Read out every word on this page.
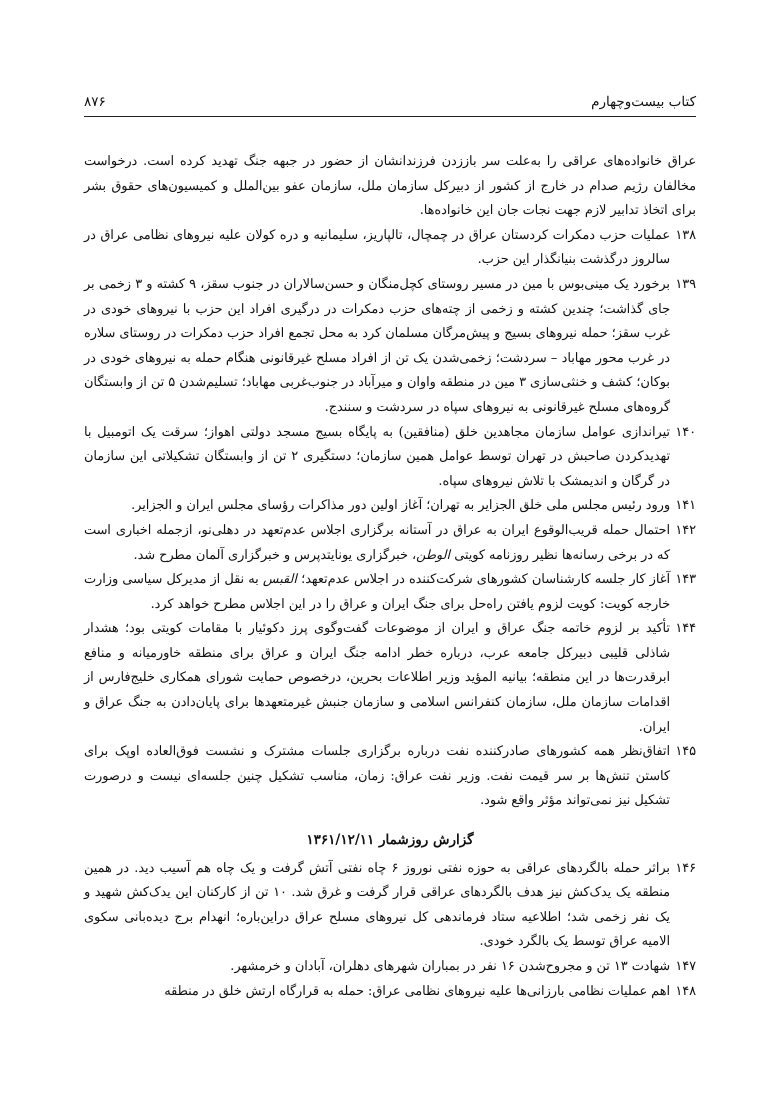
کتاب بیست‌وچهارم
۸۷۶

عراق خانواده‌های عراقی را به‌علت سر باززدن فرزندانشان از حضور در جبهه جنگ تهدید کرده است. درخواست مخالفان رژیم صدام در خارج از کشور از دبیرکل سازمان ملل، سازمان عفو بین‌الملل و کمیسیون‌های حقوق بشر برای اتخاذ تدابیر لازم جهت نجات جان این خانواده‌ها.

۱۳۸
عملیات حزب دمکرات کردستان عراق در چمچال، تالپاریز، سلیمانیه و دره کولان علیه نیروهای نظامی عراق در سالروز درگذشت بنیانگذار این حزب.
۱۳۹
برخورد یک مینی‌بوس با مین در مسیر روستای کچل‌منگان و حسن‌سالاران در جنوب سقز، ۹ کشته و ۳ زخمی بر جای گذاشت؛ چندین کشته و زخمی از چته‌های حزب دمکرات در درگیری افراد این حزب با نیروهای خودی در غرب سقز؛ حمله نیروهای بسیج و پیش‌مرگان مسلمان کرد به محل تجمع افراد حزب دمکرات در روستای سلاره در غرب محور مهاباد – سردشت؛ زخمی‌شدن یک تن از افراد مسلح غیرقانونی هنگام حمله به نیروهای خودی در بوکان؛ کشف و خنثی‌سازی ۳ مین در منطقه واوان و میرآباد در جنوب‌غربی مهاباد؛ تسلیم‌شدن ۵ تن از وابستگان گروه‌های مسلح غیرقانونی به نیروهای سپاه در سردشت و سنندج.
۱۴۰
تیراندازی عوامل سازمان مجاهدین خلق (منافقین) به پایگاه بسیج مسجد دولتی اهواز؛ سرقت یک اتومبیل با تهدیدکردن صاحبش در تهران توسط عوامل همین سازمان؛ دستگیری ۲ تن از وابستگان تشکیلاتی این سازمان در گرگان و اندیمشک با تلاش نیروهای سپاه.
۱۴۱
ورود رئیس مجلس ملی خلق الجزایر به تهران؛ آغاز اولین دور مذاکرات رؤسای مجلس ایران و الجزایر.
۱۴۲
احتمال حمله قریب‌الوقوع ایران به عراق در آستانه برگزاری اجلاس عدم‌تعهد در دهلی‌نو، ازجمله اخباری است که در برخی رسانه‌ها نظیر روزنامه کویتی الوطن، خبرگزاری یونایتدپرس و خبرگزاری آلمان مطرح شد.
۱۴۳
آغاز کار جلسه کارشناسان کشورهای شرکت‌کننده در اجلاس عدم‌تعهد؛ القبس به نقل از مدیرکل سیاسی وزارت خارجه کویت: کویت لزوم یافتن راه‌حل برای جنگ ایران و عراق را در این اجلاس مطرح خواهد کرد.
۱۴۴
تأکید بر لزوم خاتمه جنگ عراق و ایران از موضوعات گفت‌وگوی پرز دکوئیار با مقامات کویتی بود؛ هشدار شاذلی قلیبی دبیرکل جامعه عرب، درباره خطر ادامه جنگ ایران و عراق برای منطقه خاورمیانه و منافع ابرقدرت‌ها در این منطقه؛ بیانیه المؤید وزیر اطلاعات بحرین، درخصوص حمایت شورای همکاری خلیج‌فارس از اقدامات سازمان ملل، سازمان کنفرانس اسلامی و سازمان جنبش غیرمتعهدها برای پایان‌دادن به جنگ عراق و ایران.
۱۴۵
اتفاق‌نظر همه کشورهای صادرکننده نفت درباره برگزاری جلسات مشترک و نشست فوق‌العاده اوپک برای کاستن تنش‌ها بر سر قیمت نفت. وزیر نفت عراق: زمان، مناسب تشکیل چنین جلسه‌ای نیست و درصورت تشکیل نیز نمی‌تواند مؤثر واقع شود.
گزارش روزشمار ۱۳۶۱/۱۲/۱۱
۱۴۶
براثر حمله بالگردهای عراقی به حوزه نفتی نوروز ۶ چاه نفتی آتش گرفت و یک چاه هم آسیب دید. در همین منطقه یک یدک‌کش نیز هدف بالگردهای عراقی قرار گرفت و غرق شد. ۱۰ تن از کارکنان این یدک‌کش شهید و یک نفر زخمی شد؛ اطلاعیه ستاد فرماندهی کل نیروهای مسلح عراق دراین‌باره؛ انهدام برج دیده‌بانی سکوی الامیه عراق توسط یک بالگرد خودی.
۱۴۷
شهادت ۱۳ تن و مجروح‌شدن ۱۶ نفر در بمباران شهرهای دهلران، آبادان و خرمشهر.
۱۴۸
اهم عملیات نظامی بارزانی‌ها علیه نیروهای نظامی عراق: حمله به قرارگاه ارتش خلق در منطقه
